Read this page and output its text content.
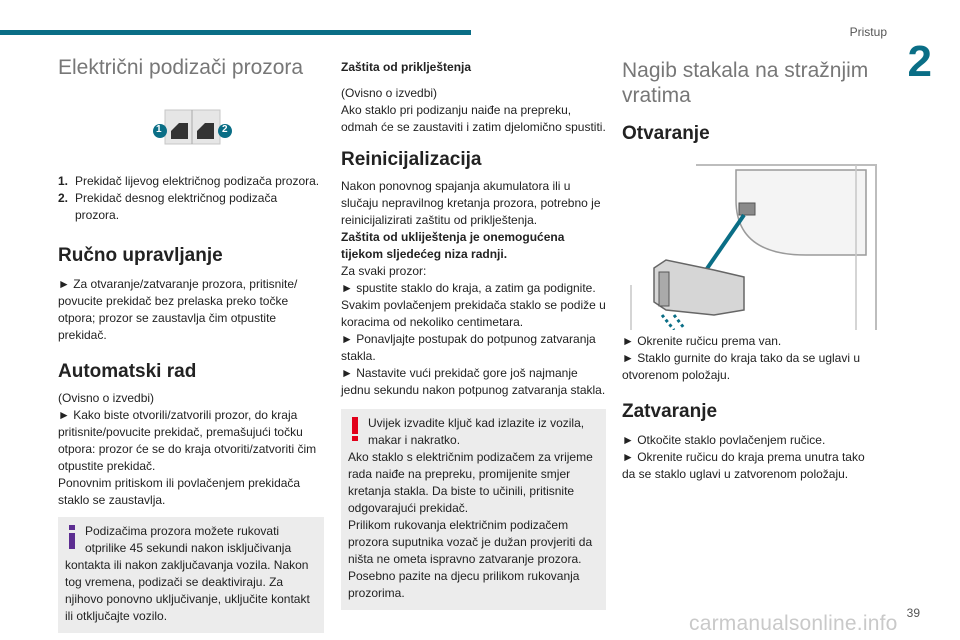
Pristup
2
Električni podizači prozora
1	2
1. Prekidač lijevog električnog podizača prozora.
2. Prekidač desnog električnog podizača prozora.
Ručno upravljanje
► Za otvaranje/zatvaranje prozora, pritisnite/ povucite prekidač bez prelaska preko točke otpora; prozor se zaustavlja čim otpustite prekidač.
Automatski rad
(Ovisno o izvedbi)
► Kako biste otvorili/zatvorili prozor, do kraja pritisnite/povucite prekidač, premašujući točku otpora: prozor će se do kraja otvoriti/zatvoriti čim otpustite prekidač.
Ponovnim pritiskom ili povlačenjem prekidača staklo se zaustavlja.
Podizačima prozora možete rukovati otprilike 45 sekundi nakon isključivanja
kontakta ili nakon zaključavanja vozila. Nakon tog vremena, podizači se deaktiviraju. Za njihovo ponovno uključivanje, uključite kontakt ili otključajte vozilo.
Zaštita od priklještenja
(Ovisno o izvedbi)
Ako staklo pri podizanju naiđe na prepreku, odmah će se zaustaviti i zatim djelomično spustiti.
Reinicijalizacija
Nakon ponovnog spajanja akumulatora ili u slučaju nepravilnog kretanja prozora, potrebno je reinicijalizirati zaštitu od priklještenja.
Zaštita od ukliještenja je onemogućena tijekom sljedećeg niza radnji.
Za svaki prozor:
► spustite staklo do kraja, a zatim ga podignite. Svakim povlačenjem prekidača staklo se podiže u koracima od nekoliko centimetara.
► Ponavljajte postupak do potpunog zatvaranja stakla.
► Nastavite vući prekidač gore još najmanje jednu sekundu nakon potpunog zatvaranja stakla.
Uvijek izvadite ključ kad izlazite iz vozila, makar i nakratko.
Ako staklo s električnim podizačem za vrijeme rada naiđe na prepreku, promijenite smjer kretanja stakla. Da biste to učinili, pritisnite odgovarajući prekidač.
Prilikom rukovanja električnim podizačem prozora suputnika vozač je dužan provjeriti da ništa ne ometa ispravno zatvaranje prozora.
Posebno pazite na djecu prilikom rukovanja prozorima.
Nagib stakala na stražnjim vratima
Otvaranje
► Okrenite ručicu prema van.
► Staklo gurnite do kraja tako da se uglavi u otvorenom položaju.
Zatvaranje
► Otkočite staklo povlačenjem ručice.
► Okrenite ručicu do kraja prema unutra tako da se staklo uglavi u zatvorenom položaju.
39
carmanualsonline.info
